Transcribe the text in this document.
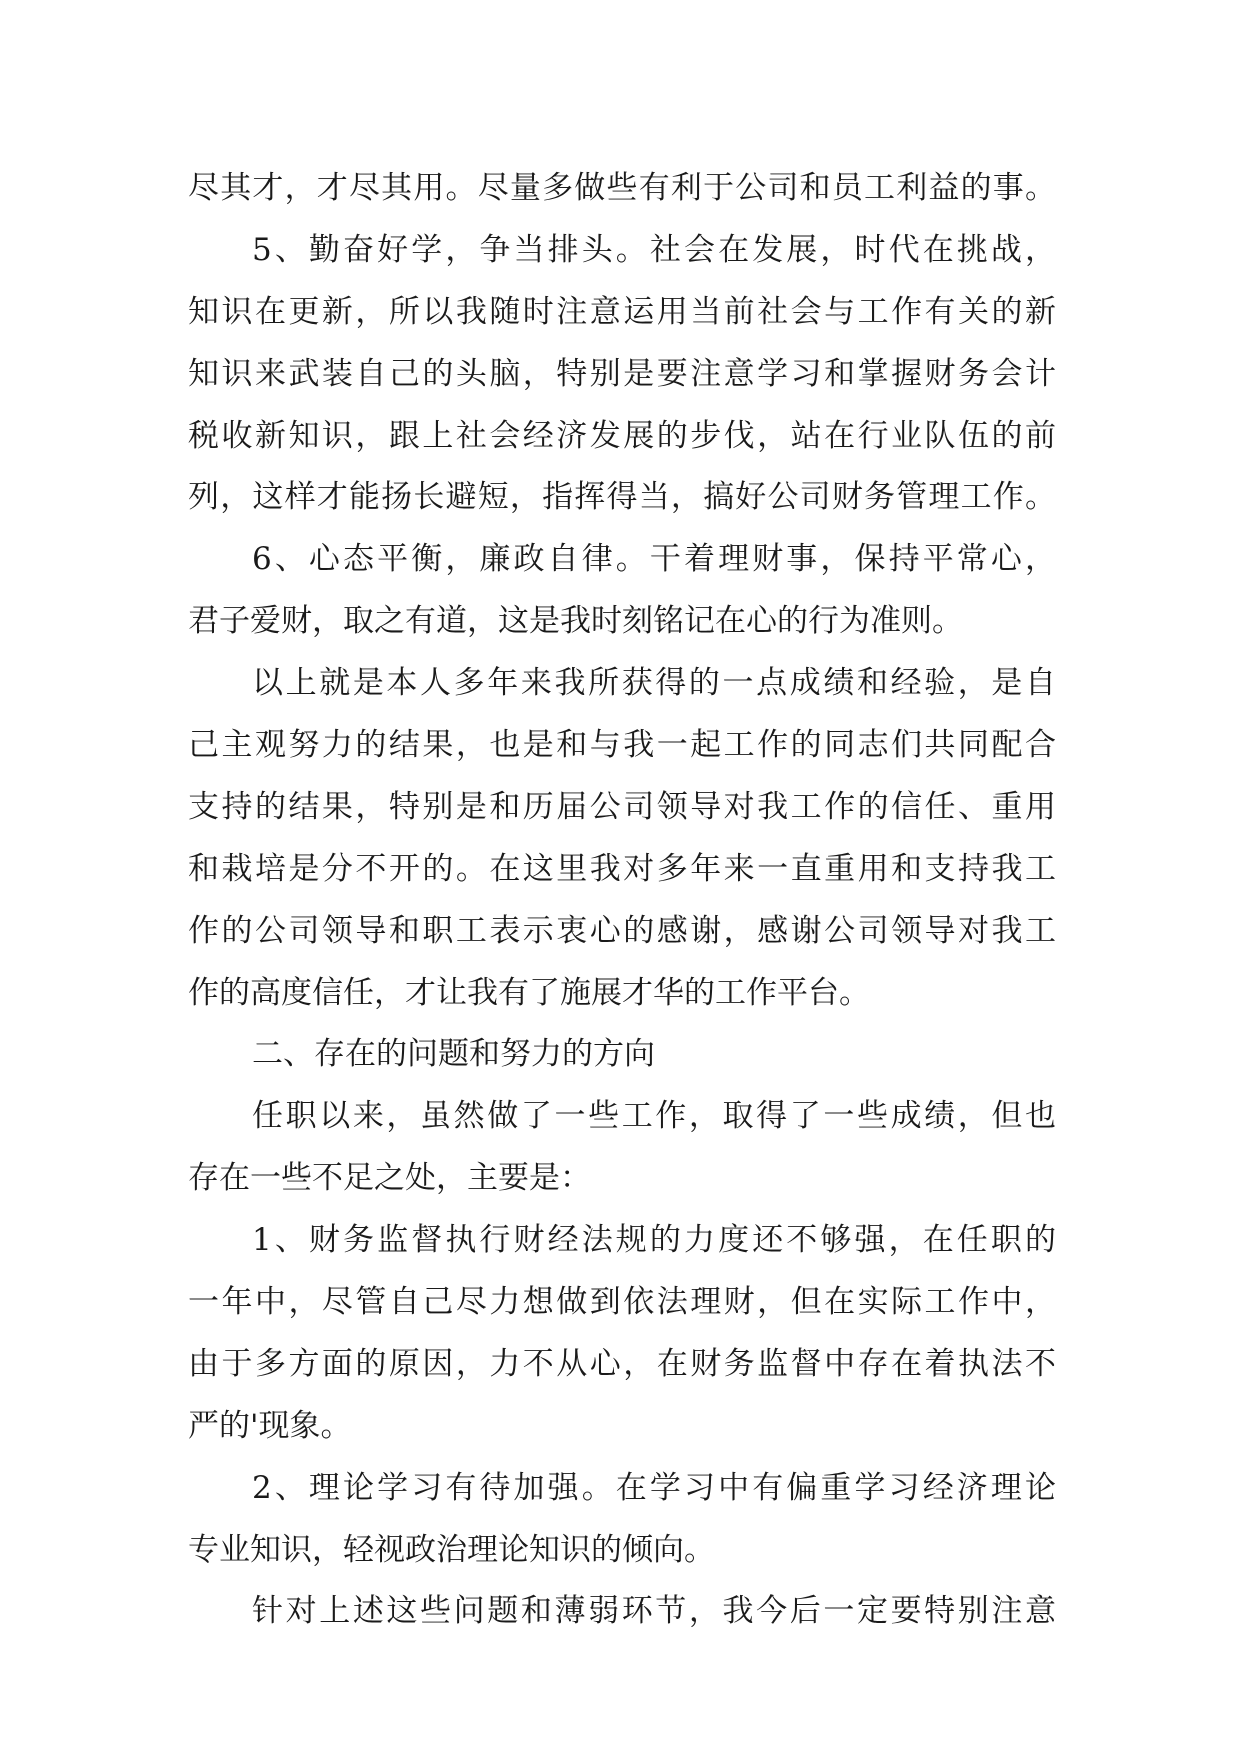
尽其才，才尽其用。尽量多做些有利于公司和员工利益的事。
5、勤奋好学，争当排头。社会在发展，时代在挑战，
知识在更新，所以我随时注意运用当前社会与工作有关的新
知识来武装自己的头脑，特别是要注意学习和掌握财务会计
税收新知识，跟上社会经济发展的步伐，站在行业队伍的前
列，这样才能扬长避短，指挥得当，搞好公司财务管理工作。
6、心态平衡，廉政自律。干着理财事，保持平常心，
君子爱财，取之有道，这是我时刻铭记在心的行为准则。
以上就是本人多年来我所获得的一点成绩和经验，是自
己主观努力的结果，也是和与我一起工作的同志们共同配合
支持的结果，特别是和历届公司领导对我工作的信任、重用
和栽培是分不开的。在这里我对多年来一直重用和支持我工
作的公司领导和职工表示衷心的感谢，感谢公司领导对我工
作的高度信任，才让我有了施展才华的工作平台。
二、存在的问题和努力的方向
任职以来，虽然做了一些工作，取得了一些成绩，但也
存在一些不足之处，主要是：
1、财务监督执行财经法规的力度还不够强，在任职的
一年中，尽管自己尽力想做到依法理财，但在实际工作中，
由于多方面的原因，力不从心，在财务监督中存在着执法不
严的'现象。
2、理论学习有待加强。在学习中有偏重学习经济理论
专业知识，轻视政治理论知识的倾向。
针对上述这些问题和薄弱环节，我今后一定要特别注意
